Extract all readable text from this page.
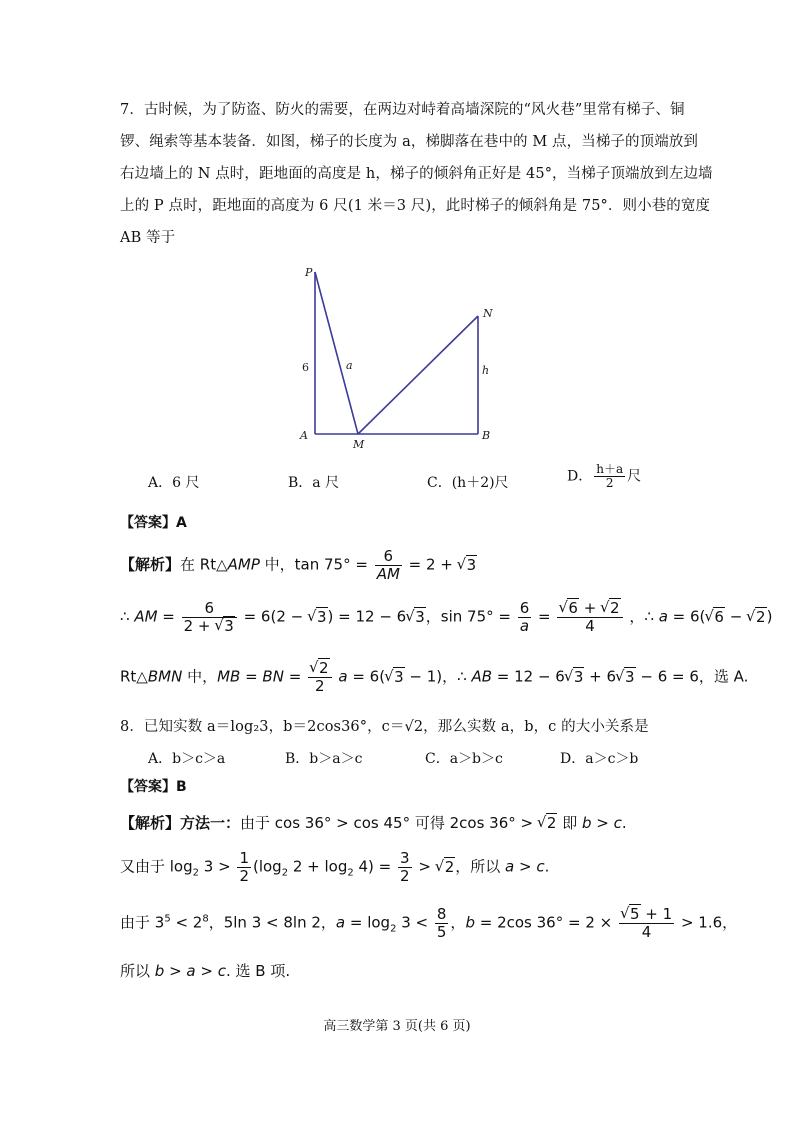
7．古时候，为了防盗、防火的需要，在两边对峙着高墙深院的“风火巷”里常有梯子、铜
锣、绳索等基本装备．如图，梯子的长度为 a，梯脚落在巷中的 M 点，当梯子的顶端放到
右边墙上的 N 点时，距地面的高度是 h，梯子的倾斜角正好是 45°，当梯子顶端放到左边墙
上的 P 点时，距地面的高度为 6 尺(1 米＝3 尺)，此时梯子的倾斜角是 75°．则小巷的宽度
AB 等于
P
N
A	B
M
6	a	h
A．6 尺	B．a 尺	C．(h＋2)尺	D． $\frac{h+a}{2}$ 尺
【答案】A
【解析】在 Rt△AMP 中，$\tan 75^\circ = \frac{6}{AM} = 2$ + √ 3
∴ AM = $\frac{6}{2 + √ 3} = 6(2$ − √ 3) = 12 − 6 √ 3，$\sin 75^\circ = \frac{6}{a}$ = √ $\frac{6 + √ 2}{4}$ ，∴ a = 6( √ 6 − √ 2)
Rt△BMN 中，MB = BN = √ $\frac{2}{2}$ a = 6( √ 3 − 1)，∴ AB = 12 − 6 √ 3 + 6 √ 3 − 6 = 6，选 A.
8．已知实数 a＝log₂3，b＝2cos36°，c＝√2，那么实数 a，b，c 的大小关系是
A．b＞c＞a	B．b＞a＞c	C．a＞b＞c	D．a＞c＞b
【答案】B
【解析】方法一：由于 cos 36° > cos 45° 可得 2cos 36° > √ 2 即 b > c.
又由于 $\log_2 3 > \frac{1}{2} (\log_2$ $2 + \log_2 4) = \frac{3}{2}$ > √ 2，所以 a > c.
由于 $3^5 < 2^8$，5ln 3 < 8ln 2，$a = \log_2 3 < \frac{8}{5}$ ，b = 2cos 36° = 2 × √ $\frac{5 + 1}{4} > 1.6$，
所以 b > a > c. 选 B 项.
高三数学第 3 页(共 6 页)
